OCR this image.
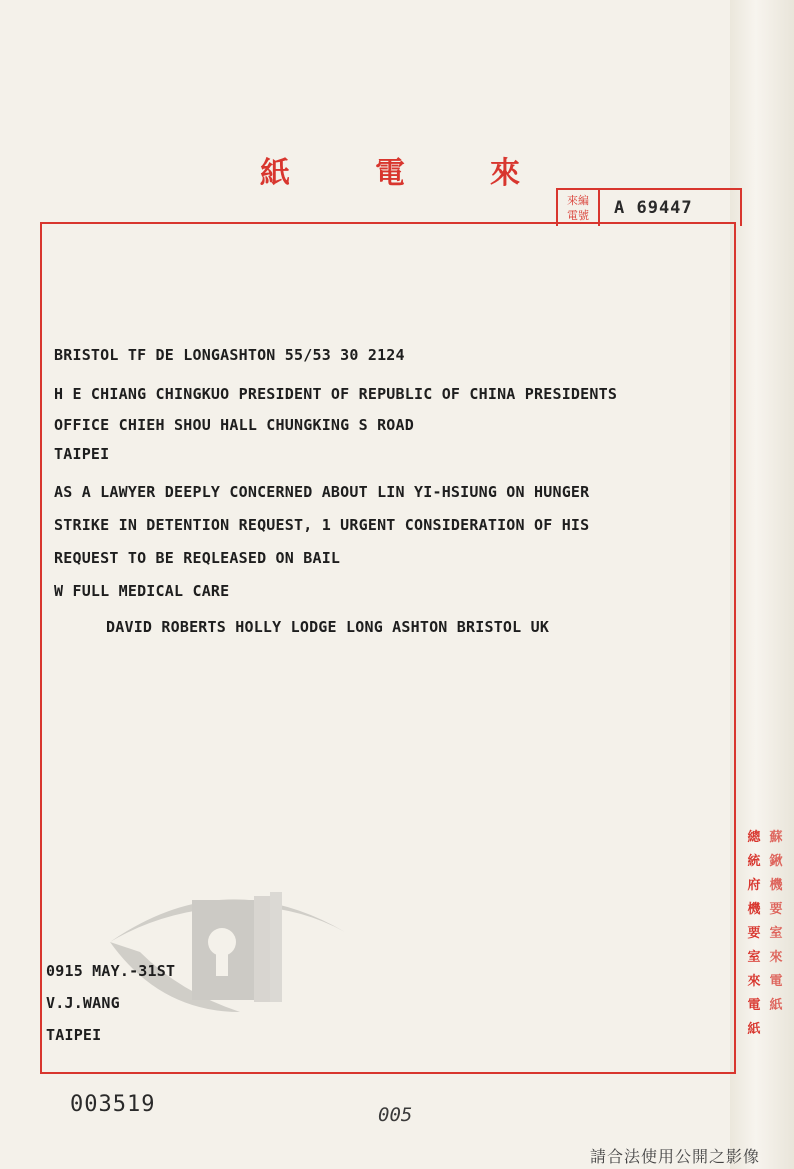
紙	電	來
來編
電號	A 69447
BRISTOL TF DE LONGASHTON 55/53 30 2124
H E CHIANG CHINGKUO PRESIDENT OF REPUBLIC OF CHINA PRESIDENTS
OFFICE CHIEH SHOU HALL CHUNGKING S ROAD
TAIPEI
AS A LAWYER DEEPLY CONCERNED ABOUT LIN YI-HSIUNG ON HUNGER
STRIKE IN DETENTION REQUEST, 1 URGENT CONSIDERATION OF HIS
REQUEST TO BE REQLEASED ON BAIL
W FULL MEDICAL CARE
DAVID ROBERTS HOLLY LODGE LONG ASHTON BRISTOL UK
0915 MAY.-31ST
V.J.WANG
TAIPEI
總
統
府
機
要
室
來
電
紙
蘇
鍬
機
要
室
來
電
紙
003519	005
請合法使用公開之影像
